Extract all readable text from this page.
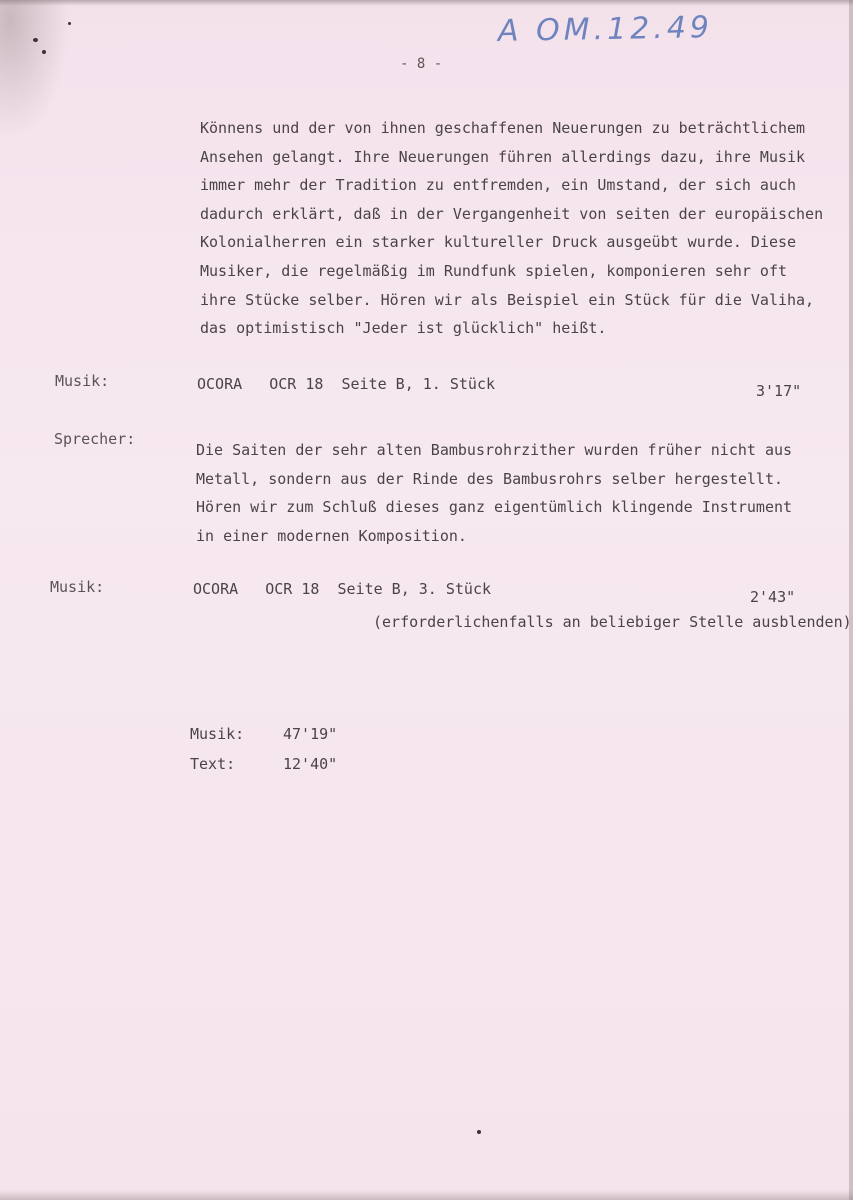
A OM.12.49
- 8 -
Könnens und der von ihnen geschaffenen Neuerungen zu beträchtlichem
Ansehen gelangt. Ihre Neuerungen führen allerdings dazu, ihre Musik
immer mehr der Tradition zu entfremden, ein Umstand, der sich auch
dadurch erklärt, daß in der Vergangenheit von seiten der europäischen
Kolonialherren ein starker kultureller Druck ausgeübt wurde. Diese
Musiker, die regelmäßig im Rundfunk spielen, komponieren sehr oft
ihre Stücke selber. Hören wir als Beispiel ein Stück für die Valiha,
das optimistisch "Jeder ist glücklich" heißt.
Musik:	OCORA   OCR 18  Seite B, 1. Stück	3'17"
Sprecher:
Die Saiten der sehr alten Bambusrohrzither wurden früher nicht aus
Metall, sondern aus der Rinde des Bambusrohrs selber hergestellt.
Hören wir zum Schluß dieses ganz eigentümlich klingende Instrument
in einer modernen Komposition.
Musik:	OCORA   OCR 18  Seite B, 3. Stück	2'43"
(erforderlichenfalls an beliebiger Stelle ausblenden)
Musik:	47'19"
Text:	12'40"
